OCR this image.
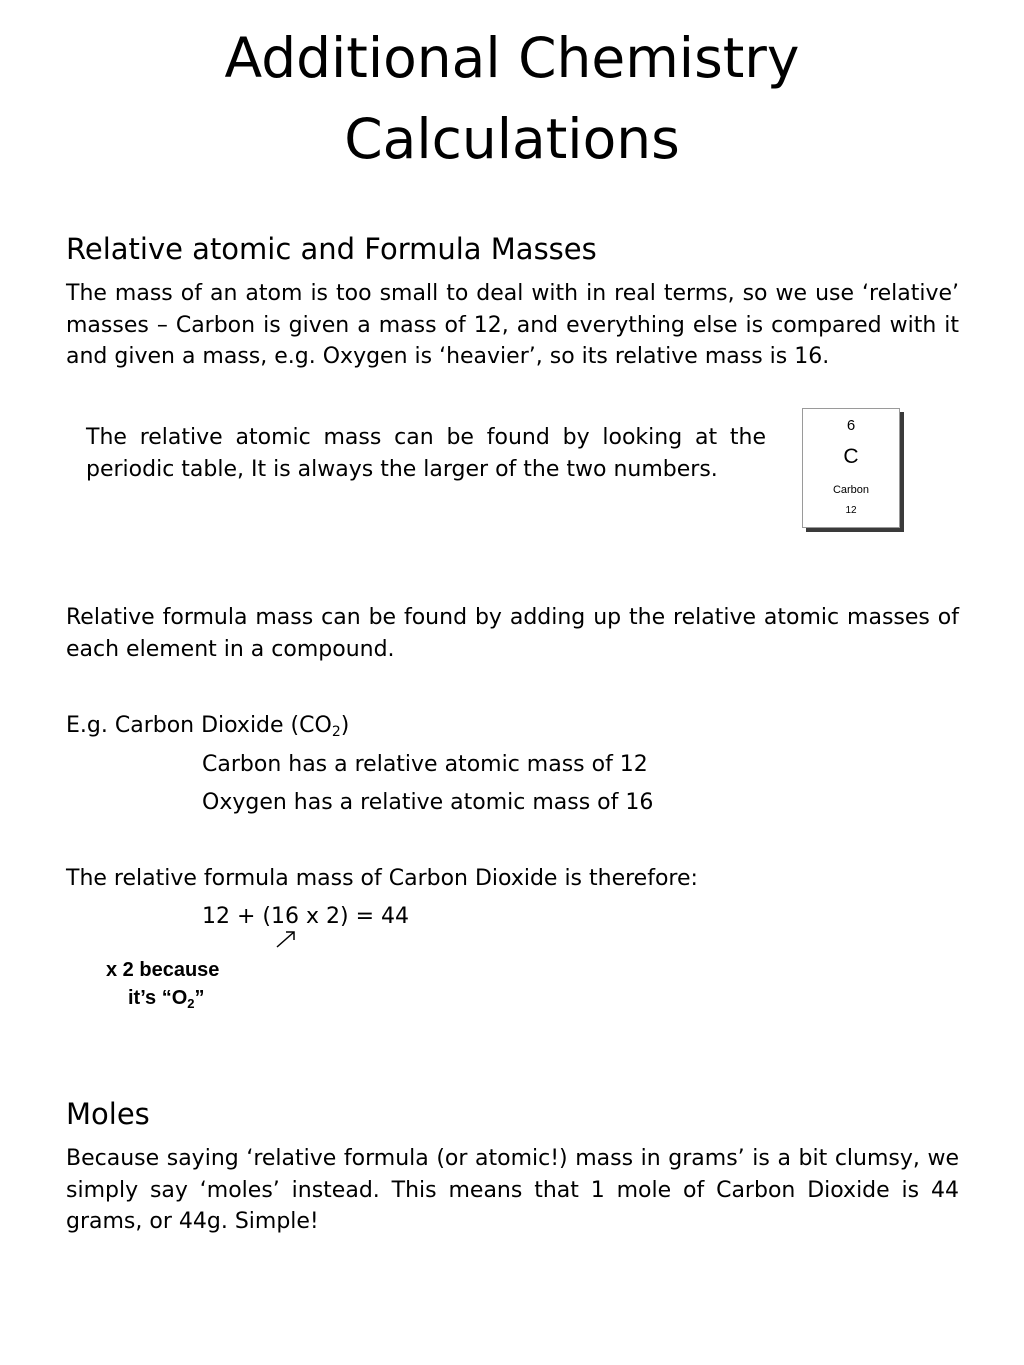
Additional Chemistry
Calculations
Relative atomic and Formula Masses
The mass of an atom is too small to deal with in real terms, so we use ‘relative’ masses – Carbon is given a mass of 12, and everything else is compared with it and given a mass, e.g. Oxygen is ‘heavier’, so its relative mass is 16.
The relative atomic mass can be found by looking at the periodic table, It is always the larger of the two numbers.
6
C
Carbon
12
Relative formula mass can be found by adding up the relative atomic masses of each element in a compound.
E.g. Carbon Dioxide $(CO_2)$
Carbon has a relative atomic mass of 12
Oxygen has a relative atomic mass of 16
The relative formula mass of Carbon Dioxide is therefore:
12 + (16 x 2) = 44
x 2 because
it’s “$O_2$”
Moles
Because saying ‘relative formula (or atomic!) mass in grams’ is a bit clumsy, we simply say ‘moles’ instead. This means that 1 mole of Carbon Dioxide is 44 grams, or 44g. Simple!
